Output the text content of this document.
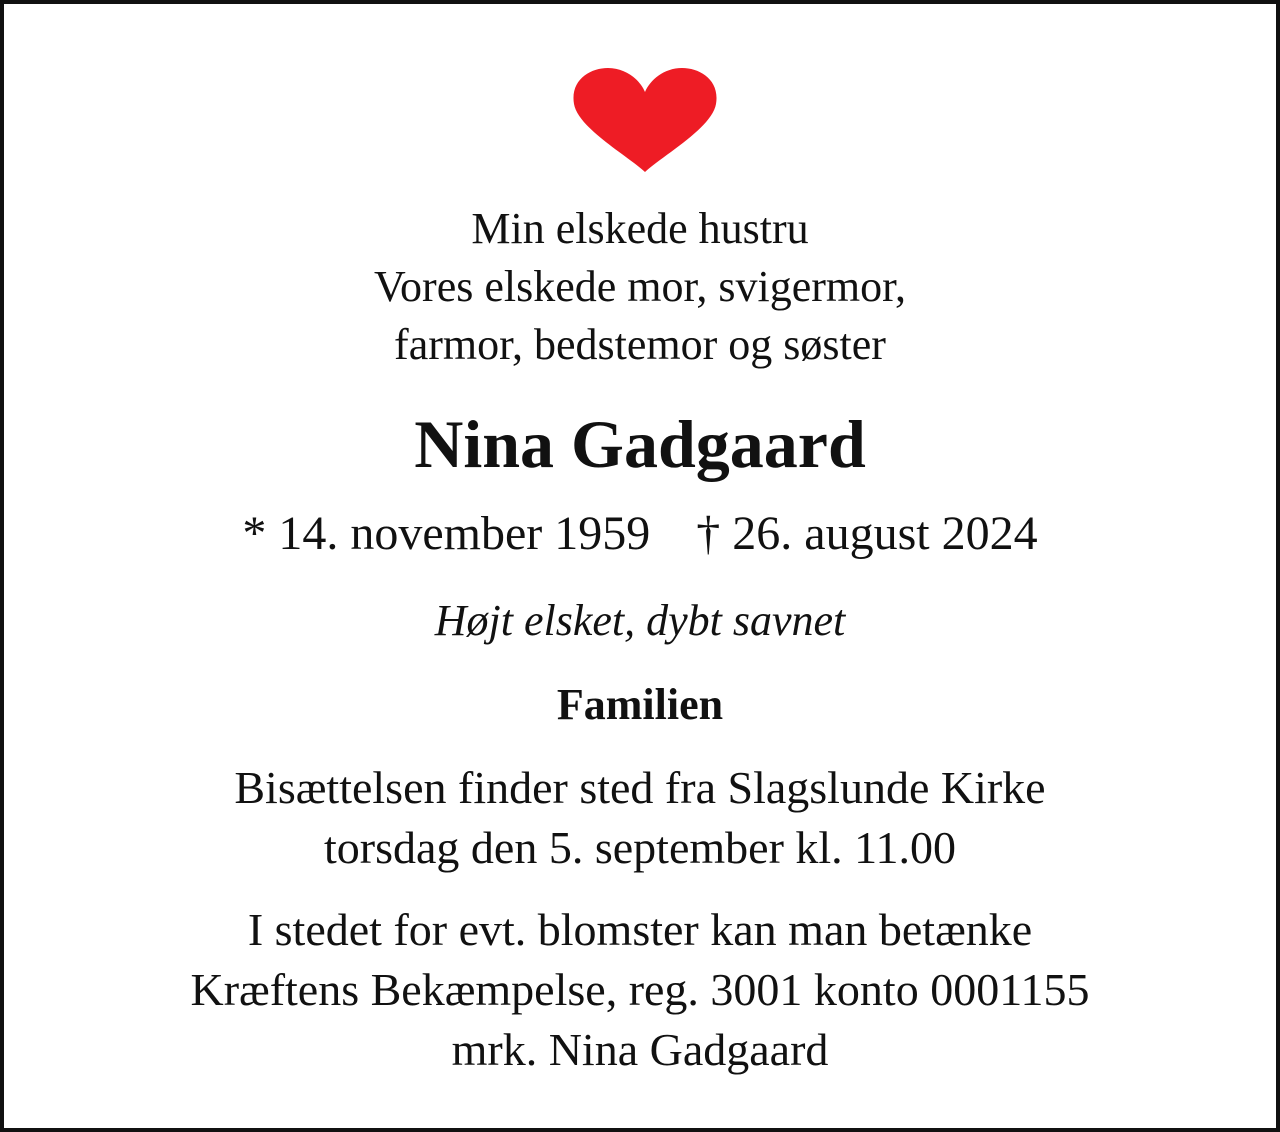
Min elskede hustru
Vores elskede mor, svigermor,
farmor, bedstemor og søster
Nina Gadgaard
* 14. november 1959 † 26. august 2024
Højt elsket, dybt savnet
Familien
Bisættelsen finder sted fra Slagslunde Kirke
torsdag den 5. september kl. 11.00
I stedet for evt. blomster kan man betænke
Kræftens Bekæmpelse, reg. 3001 konto 0001155
mrk. Nina Gadgaard
